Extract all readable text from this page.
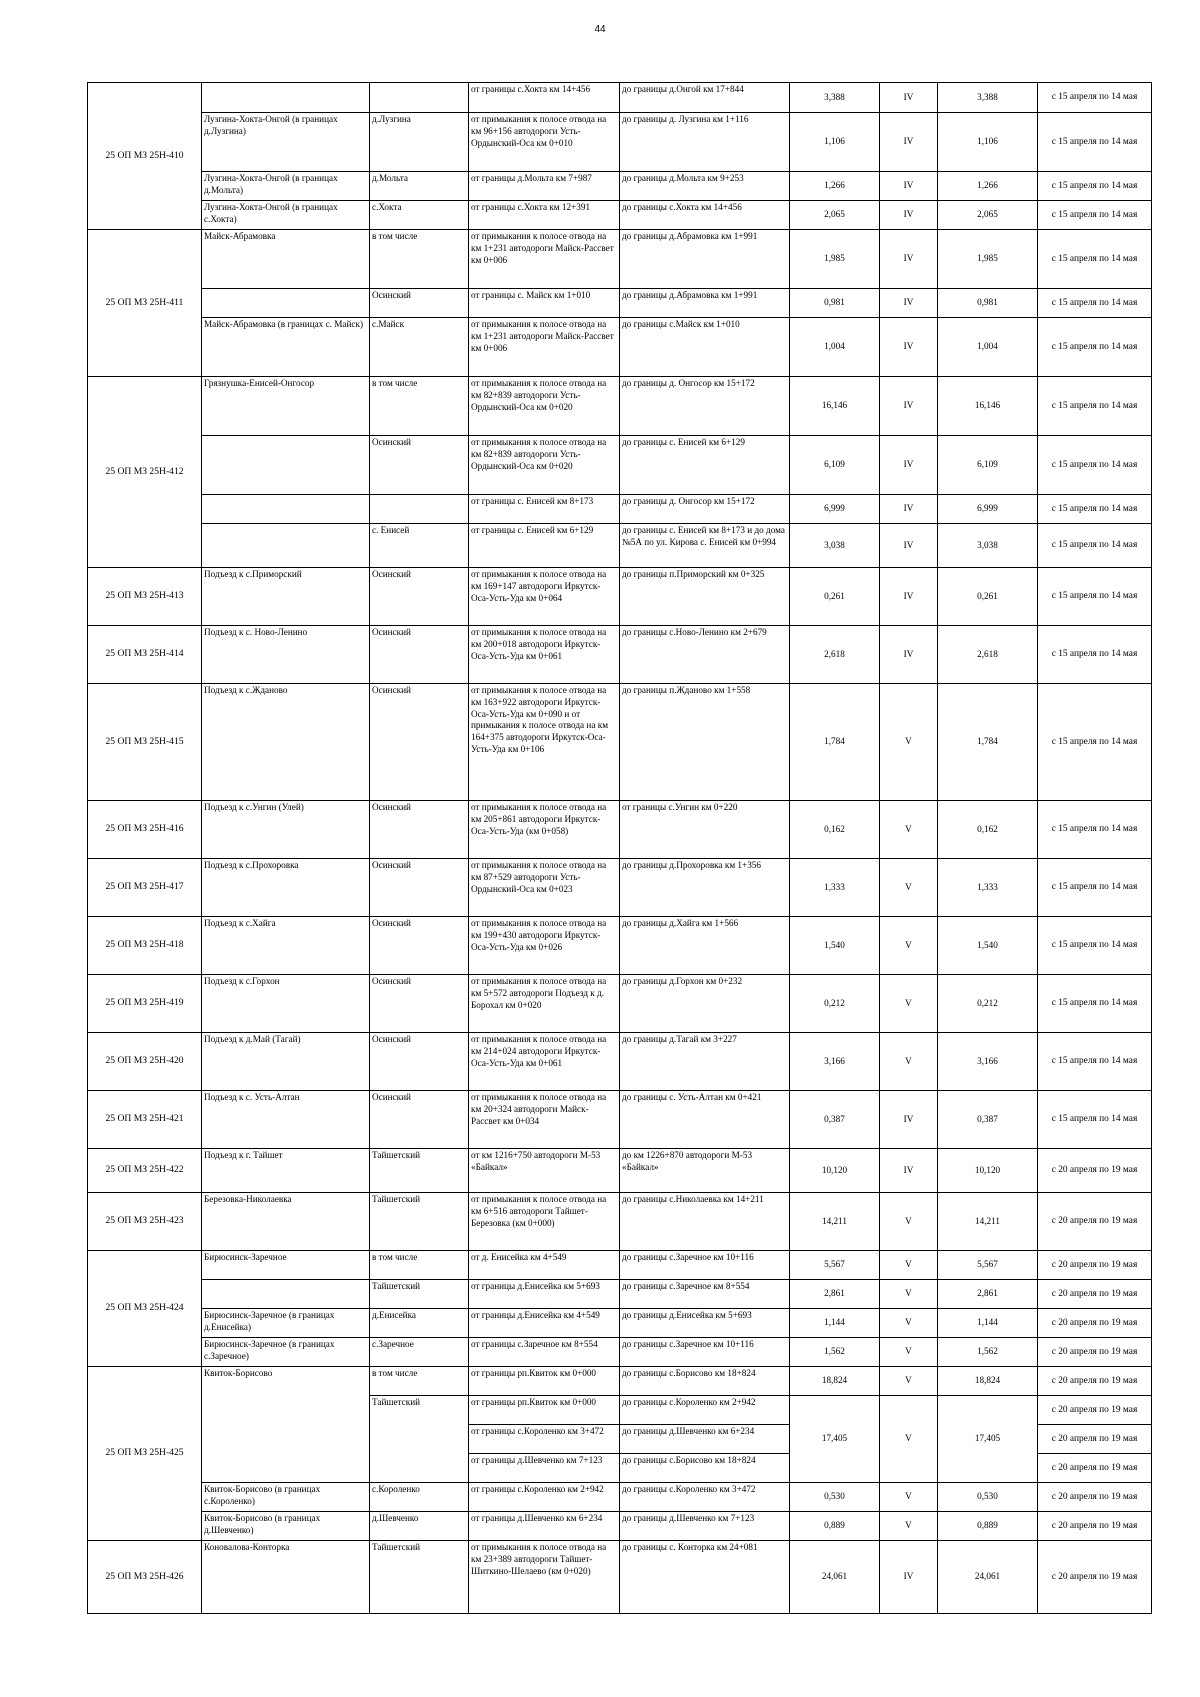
44
25 ОП МЗ 25Н-410			от границы с.Хокта км 14+456	до границы д.Онгой км 17+844	3,388	IV	3,388	с 15 апреля по 14 мая
	Лузгина-Хокта-Онгой (в границах д.Лузгина)	д.Лузгина	от примыкания к полосе отвода на км 96+156 автодороги Усть-Ордынский-Оса км 0+010	до границы д. Лузгина км 1+116	1,106	IV	1,106	с 15 апреля по 14 мая
	Лузгина-Хокта-Онгой (в границах д.Мольта)	д.Мольта	от границы д.Мольта км 7+987	до границы д.Мольта км 9+253	1,266	IV	1,266	с 15 апреля по 14 мая
	Лузгина-Хокта-Онгой (в границах с.Хокта)	с.Хокта	от границы с.Хокта км 12+391	до границы с.Хокта км 14+456	2,065	IV	2,065	с 15 апреля по 14 мая
25 ОП МЗ 25Н-411	Майск-Абрамовка	в том числе	от примыкания к полосе отвода на км 1+231 автодороги Майск-Рассвет км 0+006	до границы д.Абрамовка км 1+991	1,985	IV	1,985	с 15 апреля по 14 мая
		Осинский	от границы с. Майск км 1+010	до границы д.Абрамовка км 1+991	0,981	IV	0,981	с 15 апреля по 14 мая
	Майск-Абрамовка (в границах с. Майск)	с.Майск	от примыкания к полосе отвода на км 1+231 автодороги Майск-Рассвет км 0+006	до границы с.Майск км 1+010	1,004	IV	1,004	с 15 апреля по 14 мая
25 ОП МЗ 25Н-412	Грязнушка-Енисей-Онгосор	в том числе	от примыкания к полосе отвода на км 82+839 автодороги Усть-Ордынский-Оса км 0+020	до границы д. Онгосор км 15+172	16,146	IV	16,146	с 15 апреля по 14 мая
		Осинский	от примыкания к полосе отвода на км 82+839 автодороги Усть-Ордынский-Оса км 0+020	до границы с. Енисей км 6+129	6,109	IV	6,109	с 15 апреля по 14 мая
			от границы с. Енисей км 8+173	до границы д. Онгосор км 15+172	6,999	IV	6,999	с 15 апреля по 14 мая
		с. Енисей	от границы с. Енисей км 6+129	до границы с. Енисей км 8+173 и до дома №5А по ул. Кирова с. Енисей км 0+994	3,038	IV	3,038	с 15 апреля по 14 мая
25 ОП МЗ 25Н-413	Подъезд к с.Приморский	Осинский	от примыкания к полосе отвода на км 169+147 автодороги Иркутск-Оса-Усть-Уда км 0+064	до границы п.Приморский км 0+325	0,261	IV	0,261	с 15 апреля по 14 мая
25 ОП МЗ 25Н-414	Подъезд к с. Ново-Ленино	Осинский	от примыкания к полосе отвода на км 200+018 автодороги Иркутск-Оса-Усть-Уда км 0+061	до границы с.Ново-Ленино км 2+679	2,618	IV	2,618	с 15 апреля по 14 мая
25 ОП МЗ 25Н-415	Подъезд к с.Жданово	Осинский	от примыкания к полосе отвода на км 163+922 автодороги Иркутск-Оса-Усть-Уда км 0+090 и от примыкания к полосе отвода на км 164+375 автодороги Иркутск-Оса-Усть-Уда км 0+106	до границы п.Жданово км 1+558	1,784	V	1,784	с 15 апреля по 14 мая
25 ОП МЗ 25Н-416	Подъезд к с.Унгин (Улей)	Осинский	от примыкания к полосе отвода на км 205+861 автодороги Иркутск-Оса-Усть-Уда (км 0+058)	от границы с.Унгин км 0+220	0,162	V	0,162	с 15 апреля по 14 мая
25 ОП МЗ 25Н-417	Подъезд к с.Прохоровка	Осинский	от примыкания к полосе отвода на км 87+529 автодороги Усть-Ордынский-Оса км 0+023	до границы д.Прохоровка км 1+356	1,333	V	1,333	с 15 апреля по 14 мая
25 ОП МЗ 25Н-418	Подъезд к с.Хайга	Осинский	от примыкания к полосе отвода на км 199+430 автодороги Иркутск-Оса-Усть-Уда км 0+026	до границы д.Хайга км 1+566	1,540	V	1,540	с 15 апреля по 14 мая
25 ОП МЗ 25Н-419	Подъезд к с.Горхон	Осинский	от примыкания к полосе отвода на км 5+572 автодороги Подъезд к д. Борохал км 0+020	до границы д.Горхон км 0+232	0,212	V	0,212	с 15 апреля по 14 мая
25 ОП МЗ 25Н-420	Подъезд к д.Май (Тагай)	Осинский	от примыкания к полосе отвода на км 214+024 автодороги Иркутск-Оса-Усть-Уда км 0+061	до границы д.Тагай км 3+227	3,166	V	3,166	с 15 апреля по 14 мая
25 ОП МЗ 25Н-421	Подъезд к с. Усть-Алтан	Осинский	от примыкания к полосе отвода на км 20+324 автодороги Майск-Рассвет км 0+034	до границы с. Усть-Алтан км 0+421	0,387	IV	0,387	с 15 апреля по 14 мая
25 ОП МЗ 25Н-422	Подъезд к г. Тайшет	Тайшетский	от км 1216+750 автодороги М-53 «Байкал»	до км 1226+870 автодороги М-53 «Байкал»	10,120	IV	10,120	с 20 апреля по 19 мая
25 ОП МЗ 25Н-423	Березовка-Николаевка	Тайшетский	от примыкания к полосе отвода на км 6+516 автодороги Тайшет-Березовка (км 0+000)	до границы с.Николаевка км 14+211	14,211	V	14,211	с 20 апреля по 19 мая
25 ОП МЗ 25Н-424	Бирюсинск-Заречное	в том числе	от д. Енисейка км 4+549	до границы с.Заречное км 10+116	5,567	V	5,567	с 20 апреля по 19 мая
		Тайшетский	от границы д.Енисейка км 5+693	до границы с.Заречное км 8+554	2,861	V	2,861	с 20 апреля по 19 мая
	Бирюсинск-Заречное (в границах д.Енисейка)	д.Енисейка	от границы д.Енисейка км 4+549	до границы д.Енисейка км 5+693	1,144	V	1,144	с 20 апреля по 19 мая
	Бирюсинск-Заречное (в границах с.Заречное)	с.Заречное	от границы с.Заречное км 8+554	до границы с.Заречное км 10+116	1,562	V	1,562	с 20 апреля по 19 мая
25 ОП МЗ 25Н-425	Квиток-Борисово	в том числе	от границы рп.Квиток км 0+000	до границы с.Борисово км 18+824	18,824	V	18,824	с 20 апреля по 19 мая
		Тайшетский	от границы рп.Квиток км 0+000	до границы с.Короленко км 2+942	17,405	V	17,405	с 20 апреля по 19 мая
			от границы с.Короленко км 3+472	до границы д.Шевченко км 6+234				с 20 апреля по 19 мая
			от границы д.Шевченко км 7+123	до границы с.Борисово км 18+824				с 20 апреля по 19 мая
	Квиток-Борисово (в границах с.Короленко)	с.Короленко	от границы с.Короленко км 2+942	до границы с.Короленко км 3+472	0,530	V	0,530	с 20 апреля по 19 мая
	Квиток-Борисово (в границах д.Шевченко)	д.Шевченко	от границы д.Шевченко км 6+234	до границы д.Шевченко км 7+123	0,889	V	0,889	с 20 апреля по 19 мая
25 ОП МЗ 25Н-426	Коновалова-Конторка	Тайшетский	от примыкания к полосе отвода на км 23+389 автодороги Тайшет-Шиткино-Шелаево (км 0+020)	до границы с. Конторка км 24+081	24,061	IV	24,061	с 20 апреля по 19 мая
